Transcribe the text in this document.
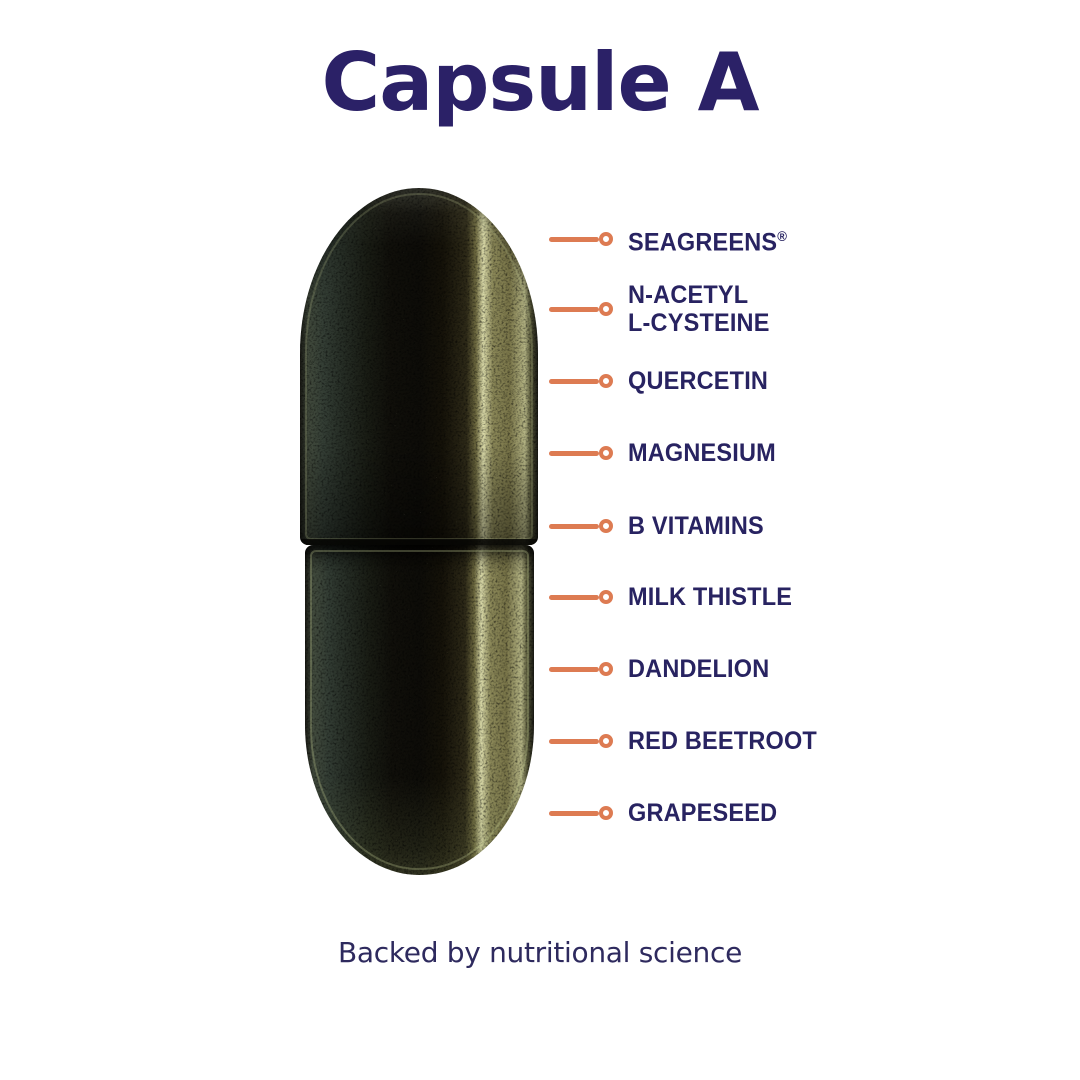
Capsule A
SEAGREENS®
N-ACETYL
L-CYSTEINE
QUERCETIN
MAGNESIUM
B VITAMINS
MILK THISTLE
DANDELION
RED BEETROOT
GRAPESEED
Backed by nutritional science
